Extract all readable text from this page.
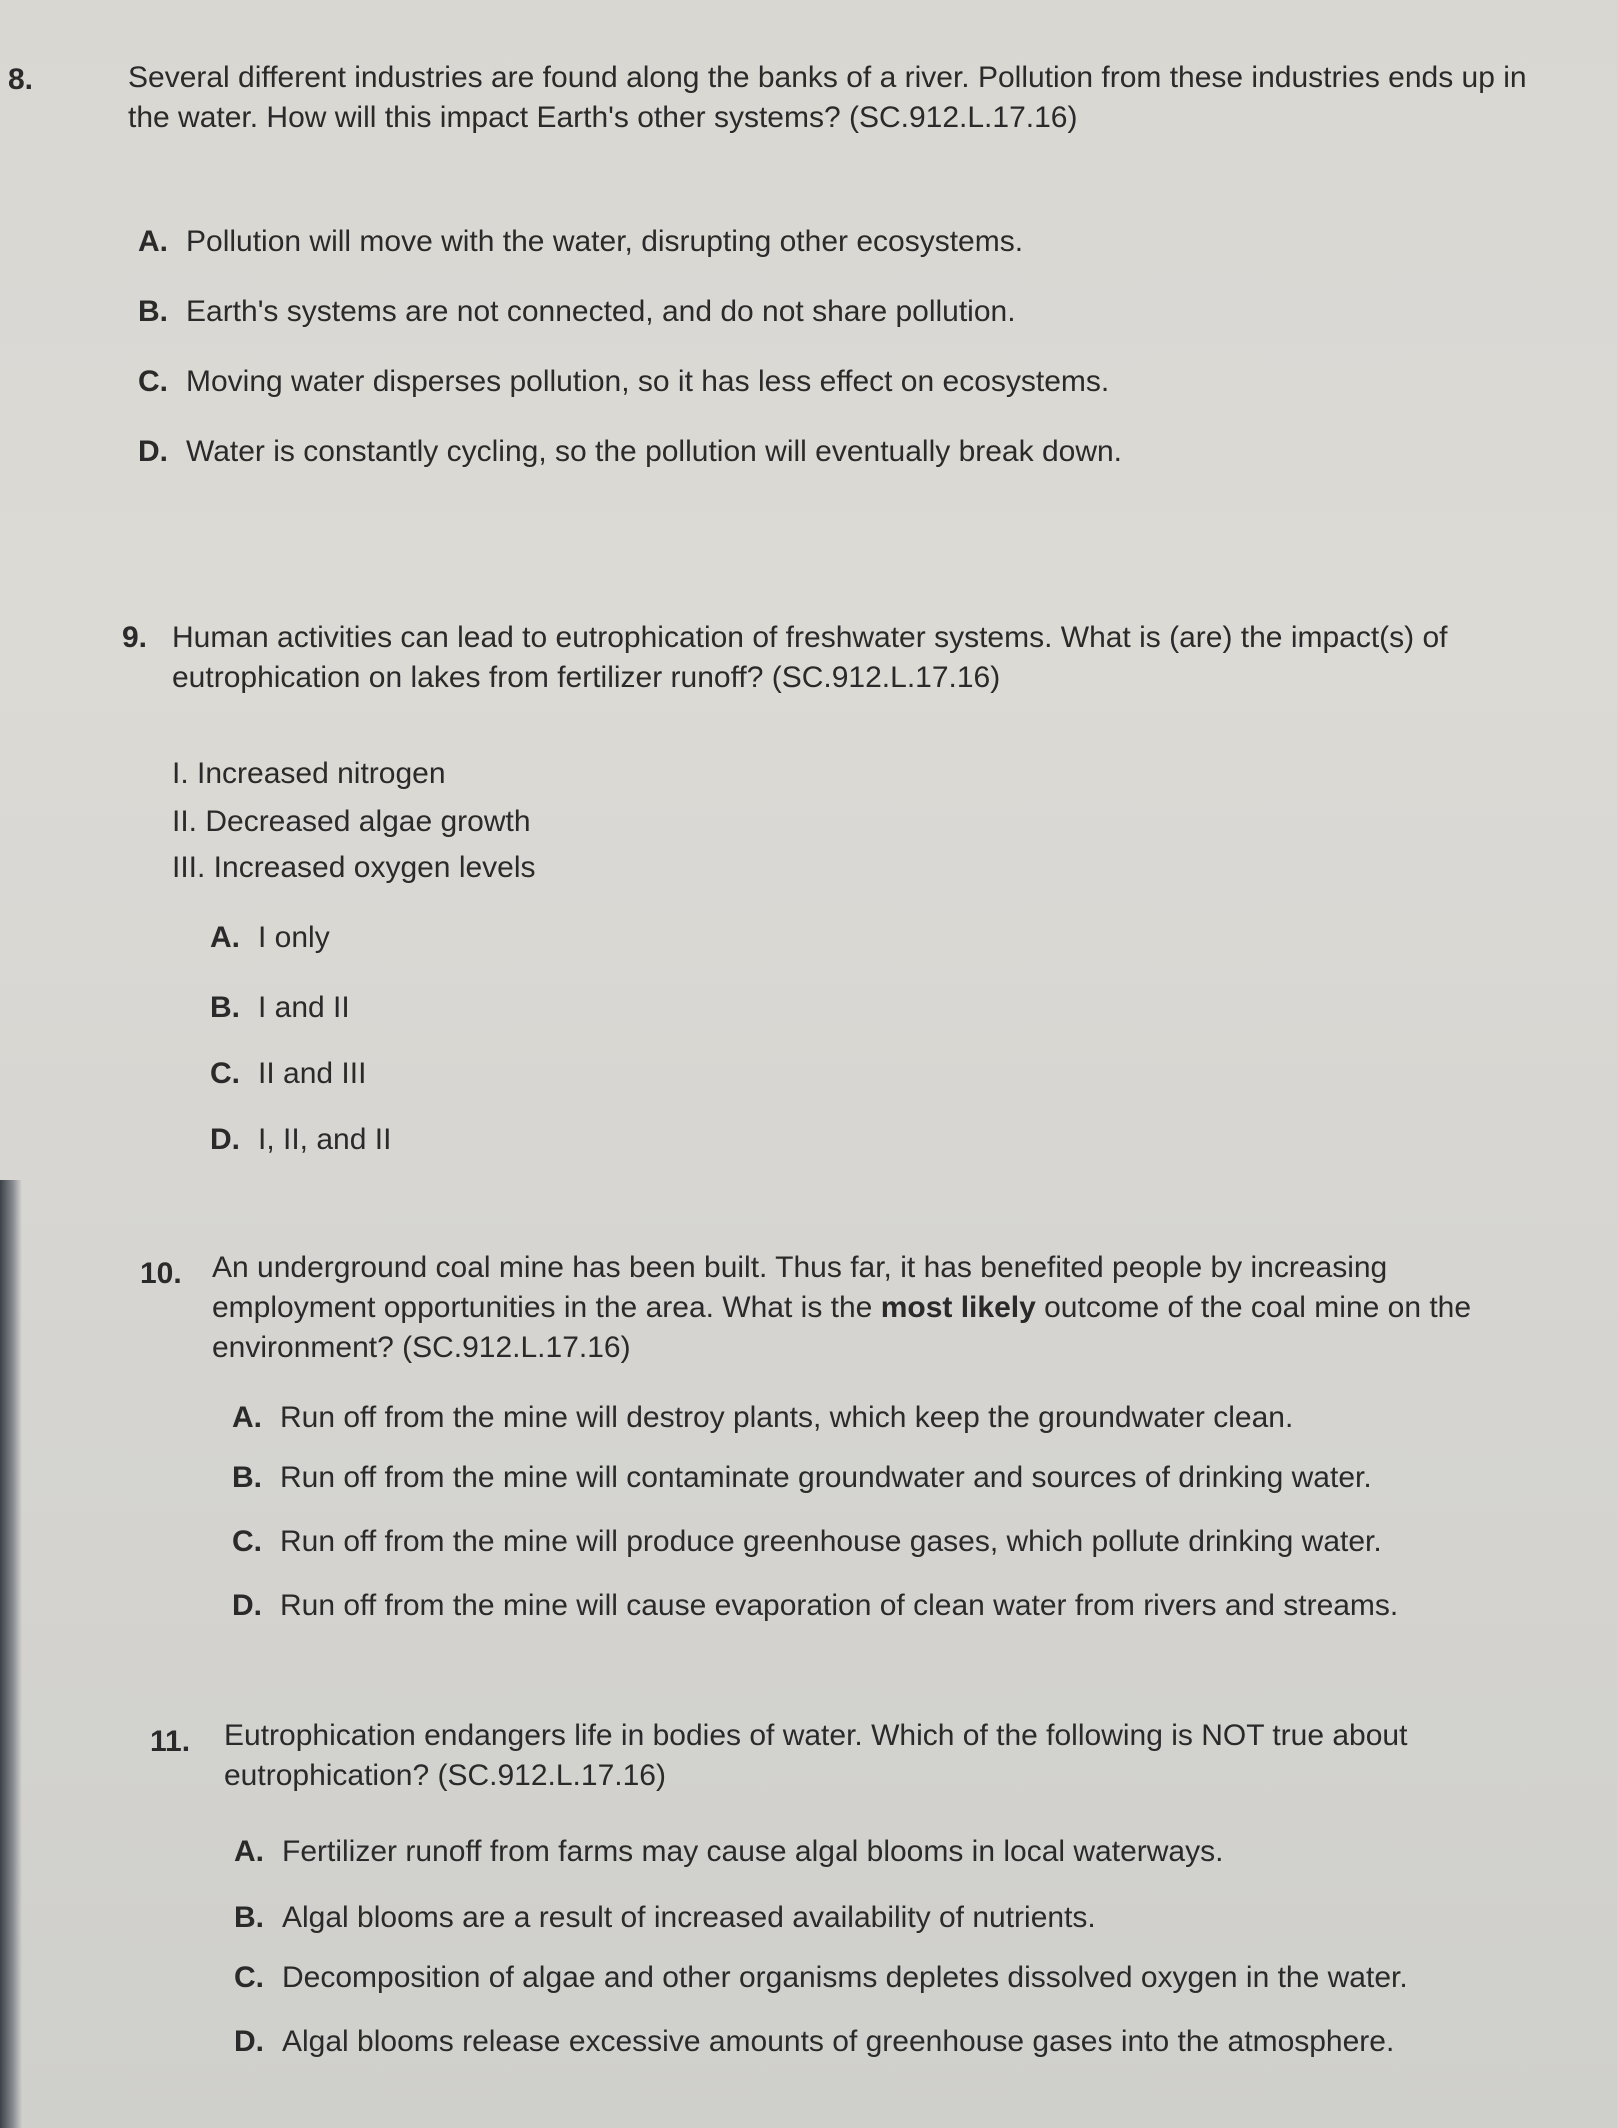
8.	Several different industries are found along the banks of a river. Pollution from these industries ends up in the water. How will this impact Earth's other systems? (SC.912.L.17.16)
A. Pollution will move with the water, disrupting other ecosystems.
B. Earth's systems are not connected, and do not share pollution.
C. Moving water disperses pollution, so it has less effect on ecosystems.
D. Water is constantly cycling, so the pollution will eventually break down.
9. Human activities can lead to eutrophication of freshwater systems. What is (are) the impact(s) of eutrophication on lakes from fertilizer runoff? (SC.912.L.17.16)
I. Increased nitrogen
II. Decreased algae growth
III. Increased oxygen levels
A. I only
B. I and II
C. II and III
D. I, II, and II
10. An underground coal mine has been built. Thus far, it has benefited people by increasing employment opportunities in the area. What is the most likely outcome of the coal mine on the environment? (SC.912.L.17.16)
A. Run off from the mine will destroy plants, which keep the groundwater clean.
B. Run off from the mine will contaminate groundwater and sources of drinking water.
C. Run off from the mine will produce greenhouse gases, which pollute drinking water.
D. Run off from the mine will cause evaporation of clean water from rivers and streams.
11. Eutrophication endangers life in bodies of water. Which of the following is NOT true about eutrophication? (SC.912.L.17.16)
A. Fertilizer runoff from farms may cause algal blooms in local waterways.
B. Algal blooms are a result of increased availability of nutrients.
C. Decomposition of algae and other organisms depletes dissolved oxygen in the water.
D. Algal blooms release excessive amounts of greenhouse gases into the atmosphere.
